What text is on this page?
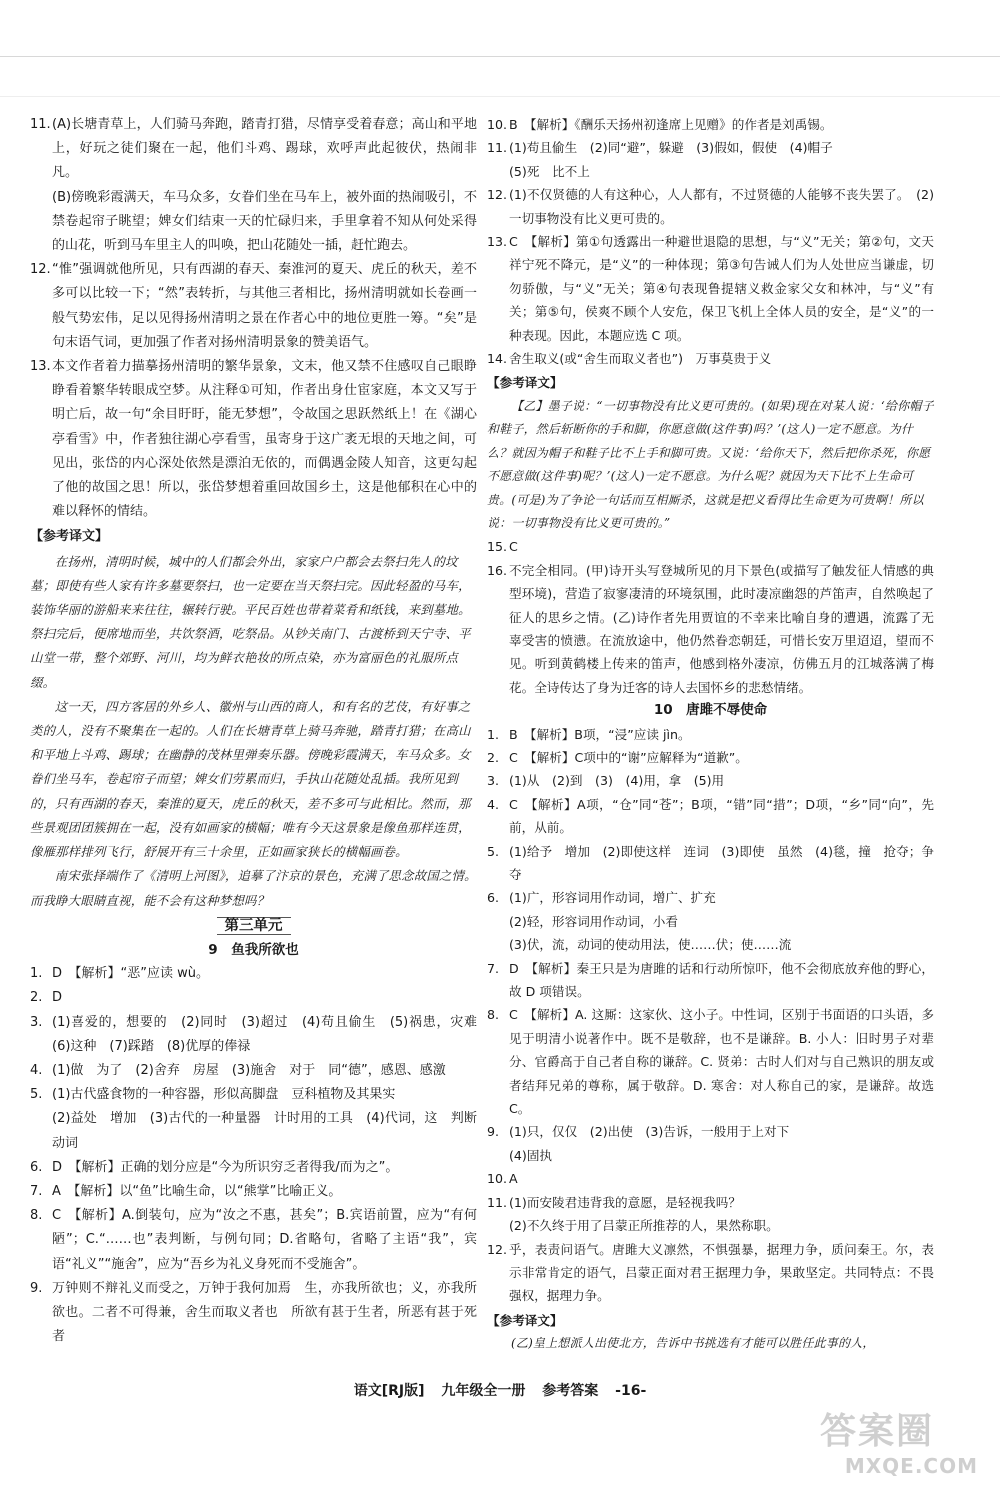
11. (A)长塘青草上，人们骑马奔跑，踏青打猎，尽情享受着春意；高山和平地上，好玩之徒们聚在一起，他们斗鸡、踢球，欢呼声此起彼伏，热闹非凡。
(B)傍晚彩霞满天，车马众多，女眷们坐在马车上，被外面的热闹吸引，不禁卷起帘子眺望；婢女们结束一天的忙碌归来，手里拿着不知从何处采得的山花，听到马车里主人的叫唤，把山花随处一插，赶忙跑去。
12. “惟”强调就他所见，只有西湖的春天、秦淮河的夏天、虎丘的秋天，差不多可以比较一下；“然”表转折，与其他三者相比，扬州清明就如长卷画一般气势宏伟，足以见得扬州清明之景在作者心中的地位更胜一筹。“矣”是句末语气词，更加强了作者对扬州清明景象的赞美语气。
13. 本文作者着力描摹扬州清明的繁华景象，文末，他又禁不住感叹自己眼睁睁看着繁华转眼成空梦。从注释①可知，作者出身仕宦家庭，本文又写于明亡后，故一句“余目盱盱，能无梦想”，令故国之思跃然纸上！在《湖心亭看雪》中，作者独往湖心亭看雪，虽寄身于这广袤无垠的天地之间，可见出，张岱的内心深处依然是漂泊无依的，而偶遇金陵人知音，这更勾起了他的故国之思！所以，张岱梦想着重回故国乡土，这是他郁积在心中的难以释怀的情结。
【参考译文】
在扬州，清明时候，城中的人们都会外出，家家户户都会去祭扫先人的坟墓；即使有些人家有许多墓要祭扫，也一定要在当天祭扫完。因此轻盈的马车，装饰华丽的游船来来往往，辗转行驶。平民百姓也带着菜肴和纸钱，来到墓地。祭扫完后，便席地而坐，共饮祭酒，吃祭品。从钞关南门、古渡桥到天宁寺、平山堂一带，整个郊野、河川，均为鲜衣艳妆的所点染，亦为富丽色的礼服所点缀。
这一天，四方客居的外乡人、徽州与山西的商人，和有名的艺伎，有好事之类的人，没有不聚集在一起的。人们在长塘青草上骑马奔驰，踏青打猎；在高山和平地上斗鸡、踢球；在幽静的茂林里弹奏乐器。傍晚彩霞满天，车马众多。女眷们坐马车，卷起帘子而望；婢女们劳累而归，手执山花随处乱插。我所见到的，只有西湖的春天，秦淮的夏天，虎丘的秋天，差不多可与此相比。然而，那些景观团团簇拥在一起，没有如画家的横幅；唯有今天这景象是像鱼那样连贯，像雁那样排列飞行，舒展开有三十余里，正如画家狭长的横幅画卷。
南宋张择端作了《清明上河图》，追摹了汴京的景色，充满了思念故国之情。而我睁大眼睛直视，能不会有这种梦想吗？
第三单元
9　鱼我所欲也
1. D　【解析】“恶”应读 wù。
2. D
3. (1)喜爱的，想要的　(2)同时　(3)超过　(4)苟且偷生　(5)祸患，灾难　(6)这种　(7)踩踏　(8)优厚的俸禄
4. (1)做　为了　(2)舍弃　房屋　(3)施舍　对于　同“德”，感恩、感激
5. (1)古代盛食物的一种容器，形似高脚盘　豆科植物及其果实
(2)益处　增加　(3)古代的一种量器　计时用的工具　(4)代词，这　判断动词
6. D　【解析】正确的划分应是“今为所识穷乏者得我/而为之”。
7. A　【解析】以“鱼”比喻生命，以“熊掌”比喻正义。
8. C　【解析】A.倒装句，应为“汝之不惠，甚矣”；B.宾语前置，应为“有何陋”；C.“……也”表判断，与例句同；D.省略句，省略了主语“我”，宾语“礼义”“施舍”，应为“吾乡为礼义身死而不受施舍”。
9. 万钟则不辩礼义而受之，万钟于我何加焉　生，亦我所欲也；义，亦我所欲也。二者不可得兼，舍生而取义者也　所欲有甚于生者，所恶有甚于死者
10. B　【解析】《酬乐天扬州初逢席上见赠》的作者是刘禹锡。
11. (1)苟且偷生　(2)同“避”，躲避　(3)假如，假使　(4)帽子
(5)死　比不上
12. (1)不仅贤德的人有这种心，人人都有，不过贤德的人能够不丧失罢了。　(2)一切事物没有比义更可贵的。
13. C　【解析】第①句透露出一种避世退隐的思想，与“义”无关；第②句，文天祥宁死不降元，是“义”的一种体现；第③句告诫人们为人处世应当谦虚，切勿骄傲，与“义”无关；第④句表现鲁提辖义救金家父女和林冲，与“义”有关；第⑤句，侯爽不顾个人安危，保卫飞机上全体人员的安全，是“义”的一种表现。因此，本题应选 C 项。
14. 舍生取义(或“舍生而取义者也”)　万事莫贵于义
【参考译文】
【乙】墨子说：“一切事物没有比义更可贵的。(如果)现在对某人说：‘给你帽子和鞋子，然后斩断你的手和脚，你愿意做(这件事)吗？’(这人)一定不愿意。为什么？就因为帽子和鞋子比不上手和脚可贵。又说：‘给你天下，然后把你杀死，你愿不愿意做(这件事)呢？’(这人)一定不愿意。为什么呢？就因为天下比不上生命可贵。(可是)为了争论一句话而互相厮杀，这就是把义看得比生命更为可贵啊！所以说：一切事物没有比义更可贵的。”
15. C
16. 不完全相同。(甲)诗开头写登城所见的月下景色(或描写了触发征人情感的典型环境)，营造了寂寥凄清的环境氛围，此时凄凉幽怨的芦笛声，自然唤起了征人的思乡之情。(乙)诗作者先用贾谊的不幸来比喻自身的遭遇，流露了无辜受害的愤懑。在流放途中，他仍然眷恋朝廷，可惜长安万里迢迢，望而不见。听到黄鹤楼上传来的笛声，他感到格外凄凉，仿佛五月的江城落满了梅花。全诗传达了身为迁客的诗人去国怀乡的悲愁情绪。
10　唐雎不辱使命
1. B　【解析】B项，“浸”应读 jìn。
2. C　【解析】C项中的“谢”应解释为“道歉”。
3. (1)从　(2)到　(3)　(4)用，拿　(5)用
4. C　【解析】A项，“仓”同“苍”；B项，“错”同“措”；D项，“乡”同“向”，先前，从前。
5. (1)给予　增加　(2)即使这样　连词　(3)即使　虽然　(4)毯，撞　抢夺；争夺
6. (1)广，形容词用作动词，增广、扩充
(2)轻，形容词用作动词，小看
(3)伏，流，动词的使动用法，使……伏；使……流
7. D　【解析】秦王只是为唐雎的话和行动所惊吓，他不会彻底放弃他的野心，故 D 项错误。
8. C　【解析】A. 这厮：这家伙、这小子。中性词，区别于书面语的口头语，多见于明清小说著作中。既不是敬辞，也不是谦辞。B. 小人：旧时男子对辈分、官爵高于自己者自称的谦辞。C. 贤弟：古时人们对与自己熟识的朋友或者结拜兄弟的尊称，属于敬辞。D. 寒舍：对人称自己的家，是谦辞。故选 C。
9. (1)只，仅仅　(2)出使　(3)告诉，一般用于上对下
(4)固执
10. A
11. (1)而安陵君违背我的意愿，是轻视我吗？
(2)不久终于用了吕蒙正所推荐的人，果然称职。
12. 乎，表责问语气。唐雎大义凛然，不惧强暴，据理力争，质问秦王。尔，表示非常肯定的语气，吕蒙正面对君王据理力争，果敢坚定。共同特点：不畏强权，据理力争。
【参考译文】
(乙)皇上想派人出使北方，告诉中书挑选有才能可以胜任此事的人，
语文[RJ版] 九年级全一册 参考答案 -16-
答案圈
MXQE.COM
